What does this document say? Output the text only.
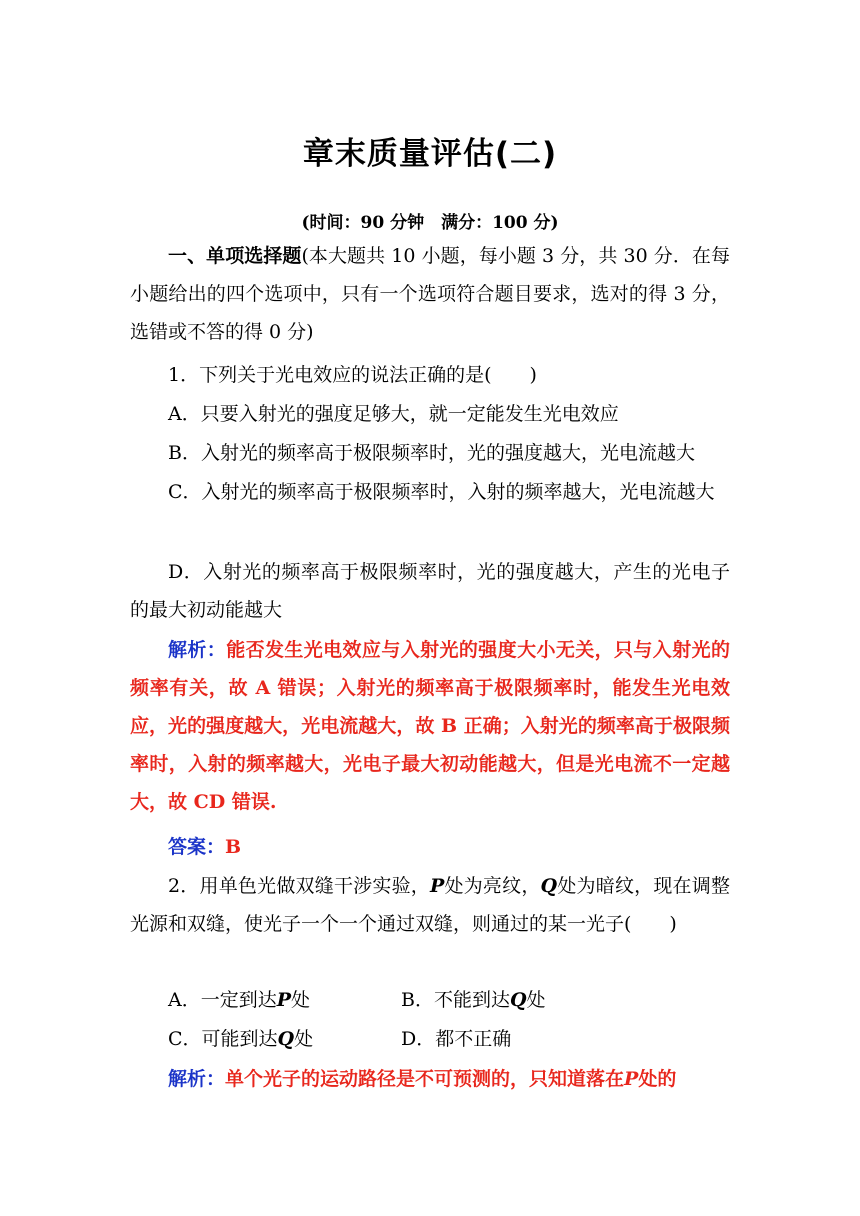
章末质量评估(二)
(时间：90 分钟　满分：100 分)
一、单项选择题(本大题共 10 小题，每小题 3 分，共 30 分．在每小题给出的四个选项中，只有一个选项符合题目要求，选对的得 3 分，选错或不答的得 0 分)
1．下列关于光电效应的说法正确的是(　　)
A．只要入射光的强度足够大，就一定能发生光电效应
B．入射光的频率高于极限频率时，光的强度越大，光电流越大
C．入射光的频率高于极限频率时，入射的频率越大，光电流越大
D．入射光的频率高于极限频率时，光的强度越大，产生的光电子的最大初动能越大
解析：能否发生光电效应与入射光的强度大小无关，只与入射光的频率有关，故 A 错误；入射光的频率高于极限频率时，能发生光电效应，光的强度越大，光电流越大，故 B 正确；入射光的频率高于极限频率时，入射的频率越大，光电子最大初动能越大，但是光电流不一定越大，故 CD 错误.
答案：B
2．用单色光做双缝干涉实验，P处为亮纹，Q处为暗纹，现在调整光源和双缝，使光子一个一个通过双缝，则通过的某一光子(　　)
A．一定到达P处	B．不能到达Q处
C．可能到达Q处	D．都不正确
解析：单个光子的运动路径是不可预测的，只知道落在P处的
